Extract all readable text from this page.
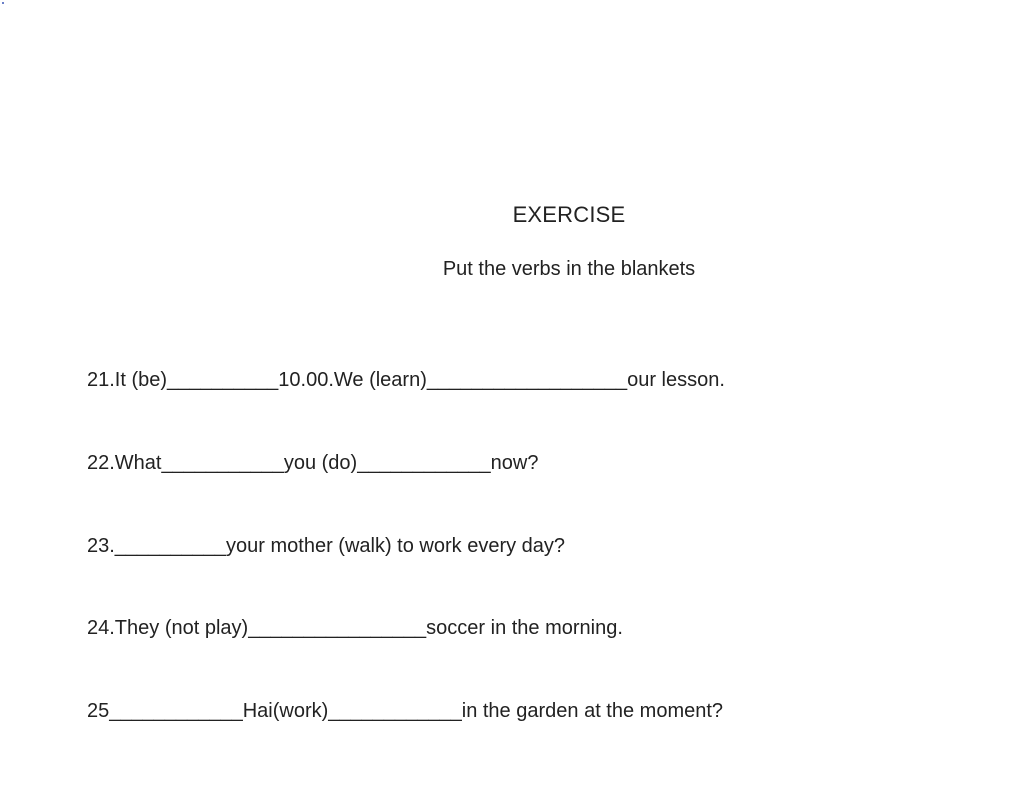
EXERCISE
Put the verbs in the blankets
21.It (be)__________10.00.We (learn)__________________our lesson.
22.What___________you (do)____________now?
23.__________your mother (walk) to work every day?
24.They (not play)________________soccer in the morning.
25____________Hai(work)____________in the garden at the moment?
